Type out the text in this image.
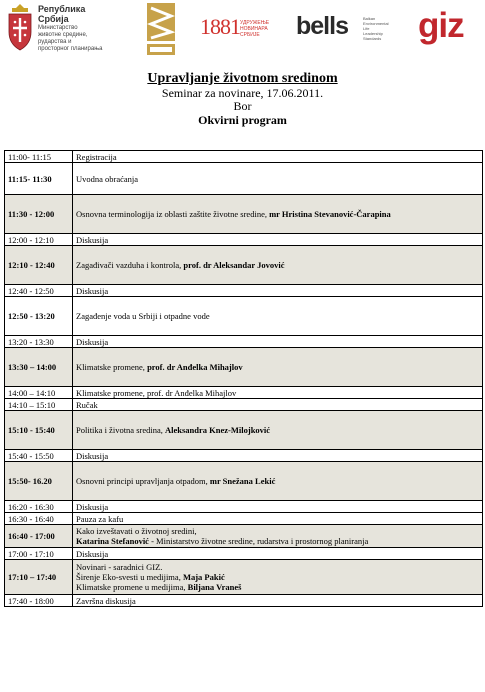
Република
Србија
Министарство
животне средине,
рударства и
просторног планирања
1881 УДРУЖЕЊЕ
НОВИНАРА
СРБИЈЕ	bells	Balkan
Environmental
Life
Leadership
Standards	giz
Upravljanje životnom sredinom
Seminar za novinare, 17.06.2011.
Bor
Okvirni program
11:00- 11:15	Registracija
11:15- 11:30	Uvodna obraćanja
11:30 - 12:00	Osnovna terminologija iz oblasti zaštite životne sredine, mr Hristina Stevanović-Čarapina
12:00 - 12:10	Diskusija
12:10 - 12:40	Zagađivači vazduha i kontrola, prof. dr Aleksandar Jovović
12:40 - 12:50	Diskusija
12:50 - 13:20	Zagađenje voda u Srbiji i otpadne vode
13:20 - 13:30	Diskusija
13:30 – 14:00	Klimatske promene, prof. dr Anđelka Mihajlov
14:00 – 14:10	Klimatske promene, prof. dr Anđelka Mihajlov
14:10 – 15:10	Ručak
15:10 - 15:40	Politika i životna sredina, Aleksandra Knez-Milojković
15:40 - 15:50	Diskusija
15:50- 16.20	Osnovni principi upravljanja otpadom, mr Snežana Lekić
16:20 - 16:30	Diskusija
16:30 - 16:40	Pauza za kafu
16:40 - 17:00	Kako izveštavati o životnoj sredini,
Katarina Stefanović - Ministarstvo životne sredine, rudarstva i prostornog planiranja

17:00 - 17:10	Diskusija
17:10 – 17:40	Novinari - saradnici GIZ.
Širenje Eko-svesti u medijima, Maja Pakić
Klimatske promene u medijima, Biljana Vraneš

17:40 - 18:00	Završna diskusija
